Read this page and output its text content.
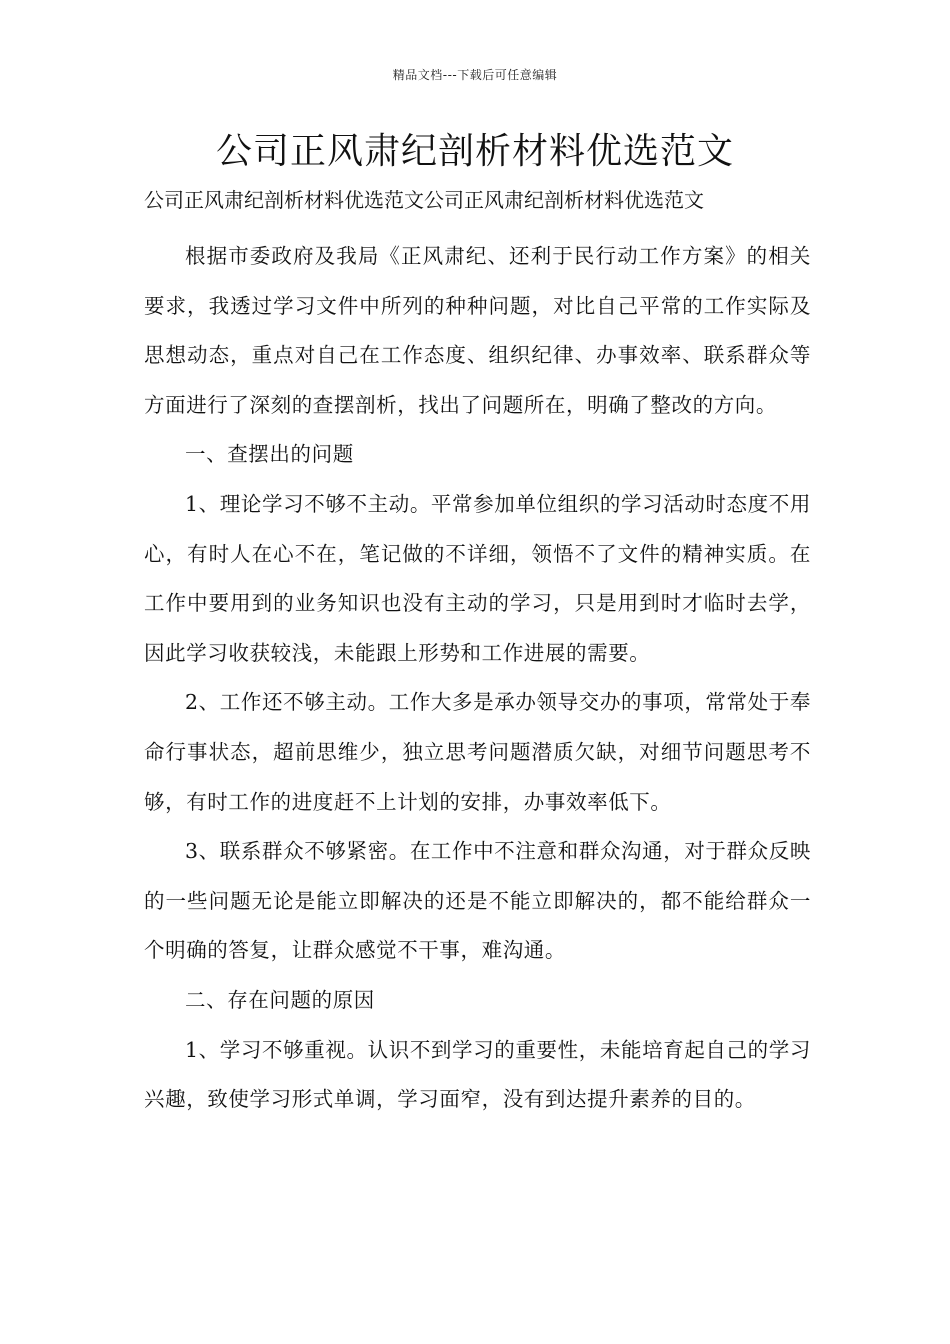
精品文档---下载后可任意编辑
公司正风肃纪剖析材料优选范文

公司正风肃纪剖析材料优选范文公司正风肃纪剖析材料优选范文

根据市委政府及我局《正风肃纪、还利于民行动工作方案》的相关要求，我透过学习文件中所列的种种问题，对比自己平常的工作实际及思想动态，重点对自己在工作态度、组织纪律、办事效率、联系群众等方面进行了深刻的查摆剖析，找出了问题所在，明确了整改的方向。

一、查摆出的问题

1、理论学习不够不主动。平常参加单位组织的学习活动时态度不用心，有时人在心不在，笔记做的不详细，领悟不了文件的精神实质。在工作中要用到的业务知识也没有主动的学习，只是用到时才临时去学，因此学习收获较浅，未能跟上形势和工作进展的需要。

2、工作还不够主动。工作大多是承办领导交办的事项，常常处于奉命行事状态，超前思维少，独立思考问题潜质欠缺，对细节问题思考不够，有时工作的进度赶不上计划的安排，办事效率低下。

3、联系群众不够紧密。在工作中不注意和群众沟通，对于群众反映的一些问题无论是能立即解决的还是不能立即解决的，都不能给群众一个明确的答复，让群众感觉不干事，难沟通。

二、存在问题的原因

1、学习不够重视。认识不到学习的重要性，未能培育起自己的学习兴趣，致使学习形式单调，学习面窄，没有到达提升素养的目的。
